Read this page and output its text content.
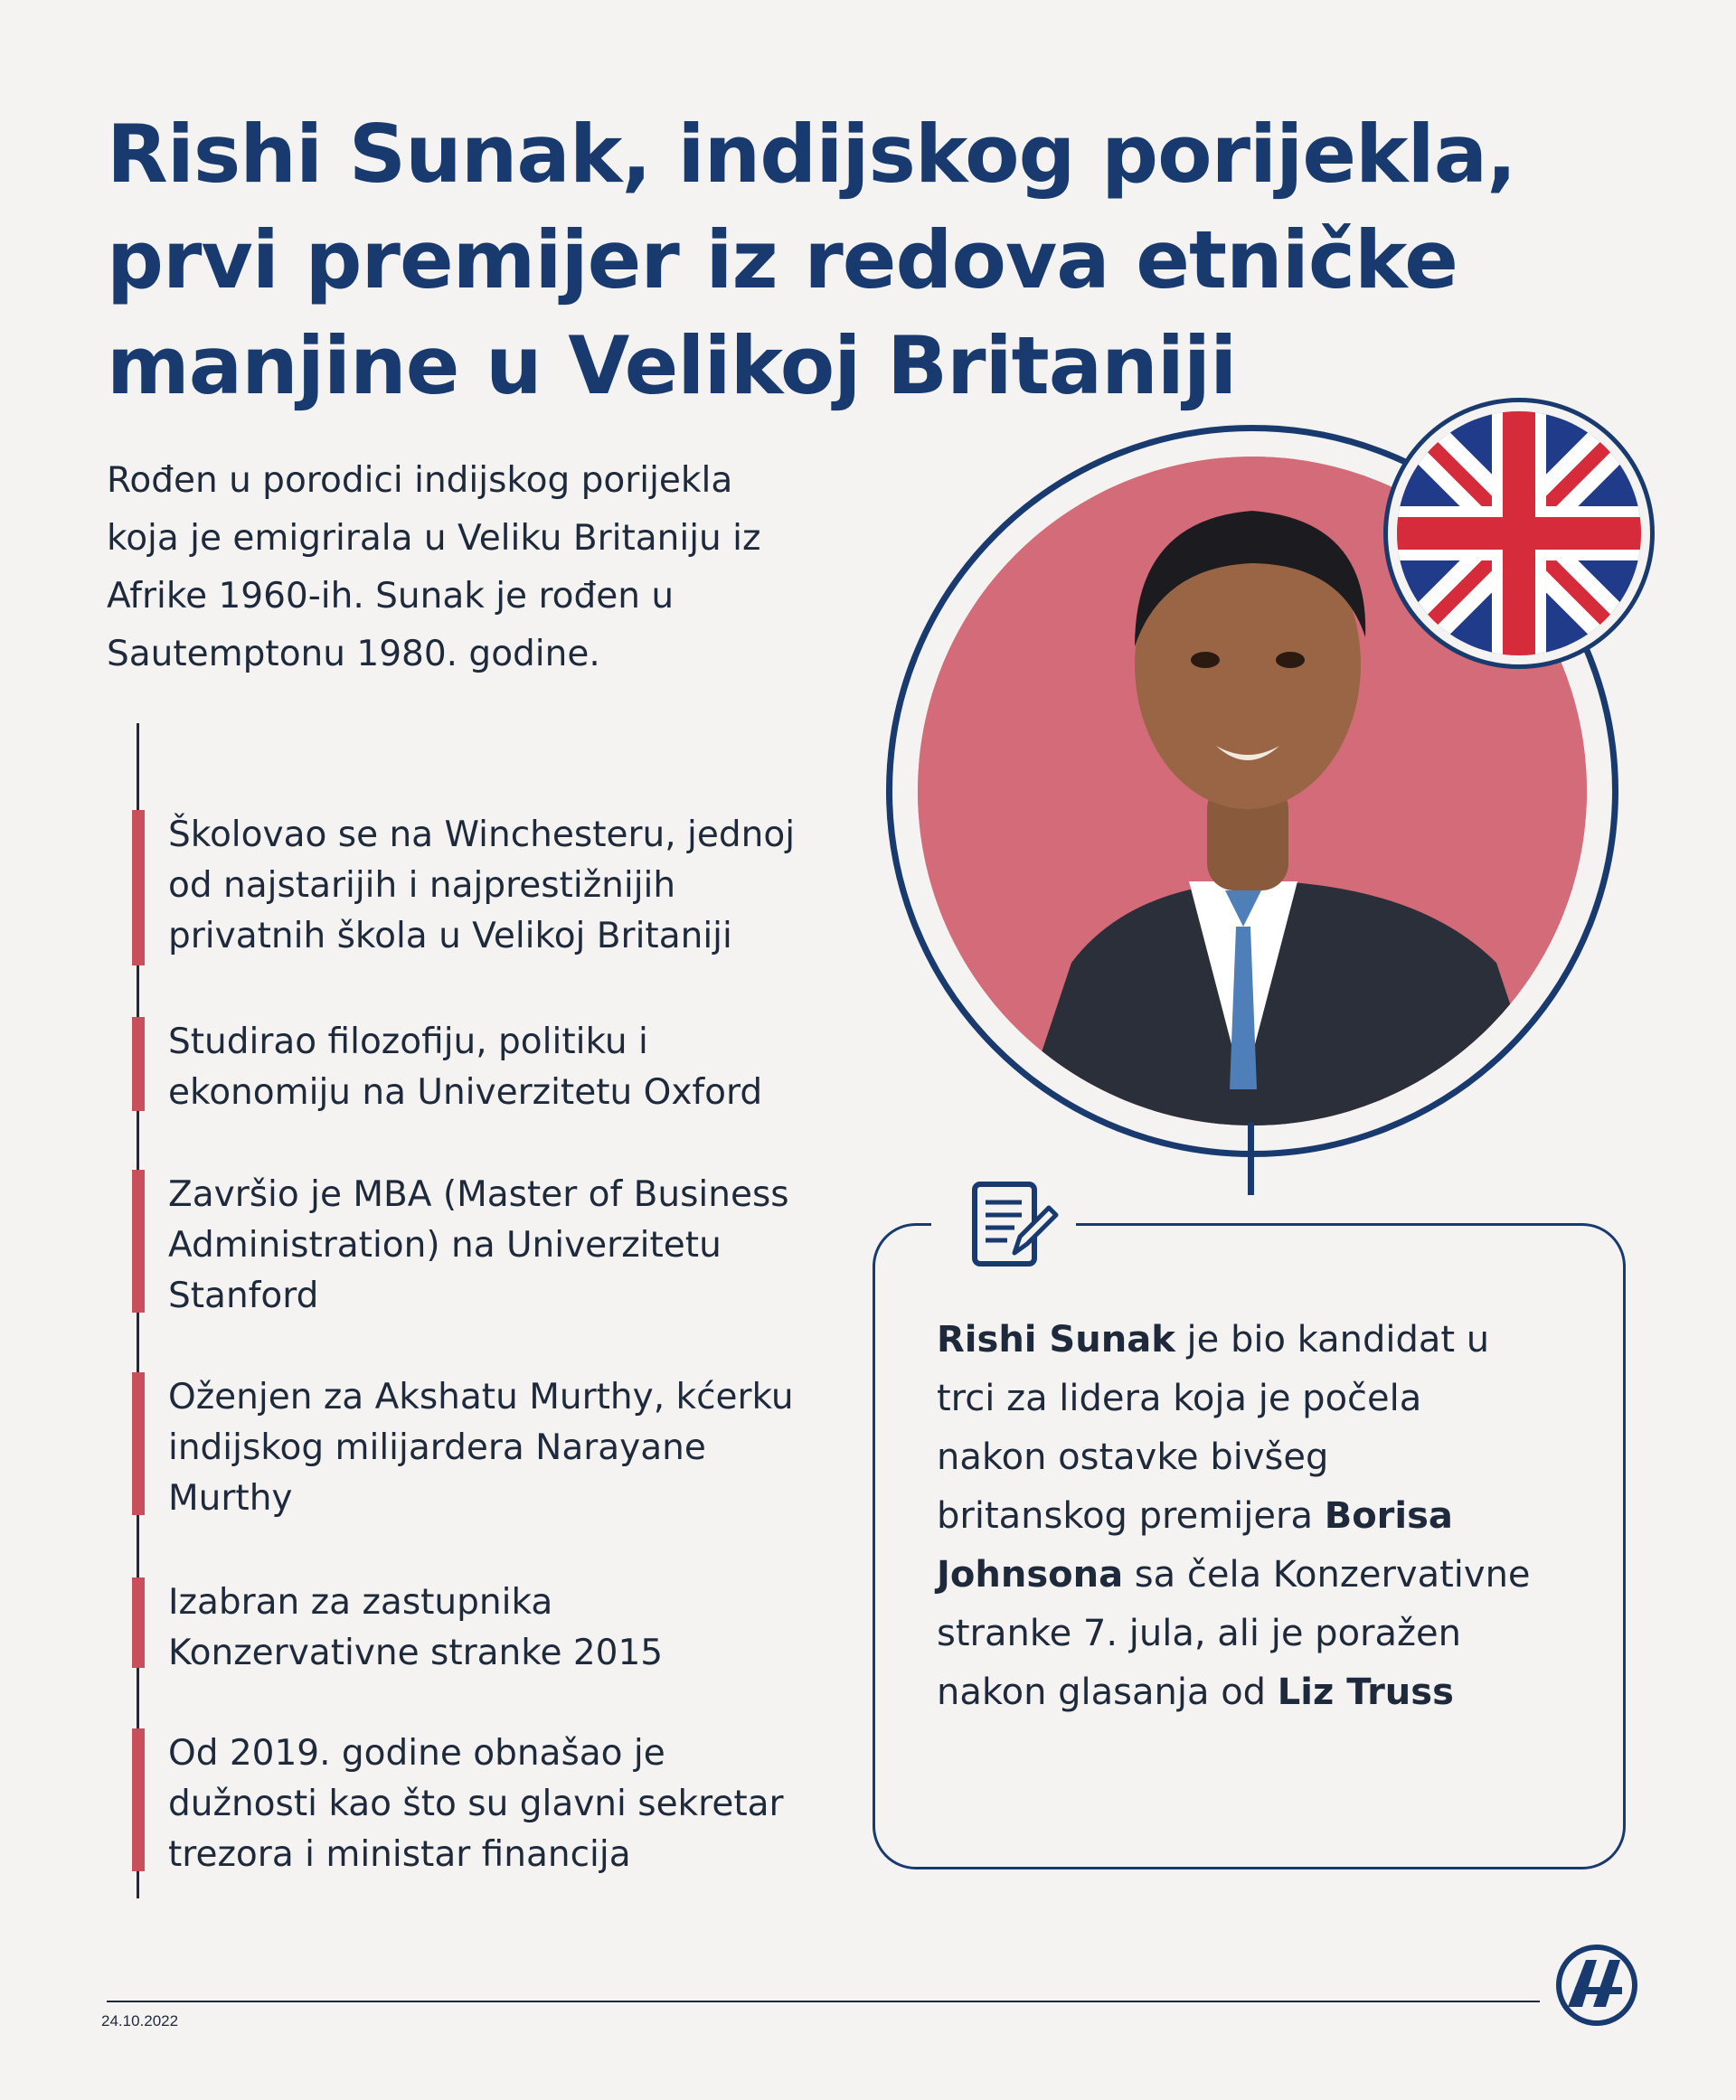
Rishi Sunak, indijskog porijekla,
prvi premijer iz redova etničke
manjine u Velikoj Britaniji
Rođen u porodici indijskog porijekla
koja je emigrirala u Veliku Britaniju iz
Afrike 1960-ih. Sunak je rođen u
Sautemptonu 1980. godine.
Školovao se na Winchesteru, jednoj
od najstarijih i najprestižnijih
privatnih škola u Velikoj Britaniji
Studirao filozofiju, politiku i
ekonomiju na Univerzitetu Oxford
Završio je MBA (Master of Business
Administration) na Univerzitetu
Stanford
Oženjen za Akshatu Murthy, kćerku
indijskog milijardera Narayane
Murthy
Izabran za zastupnika
Konzervativne stranke 2015
Od 2019. godine obnašao je
dužnosti kao što su glavni sekretar
trezora i ministar financija
Rishi Sunak je bio kandidat u
trci za lidera koja je počela
nakon ostavke bivšeg
britanskog premijera Borisa
Johnsona sa čela Konzervativne
stranke 7. jula, ali je poražen
nakon glasanja od Liz Truss
24.10.2022
